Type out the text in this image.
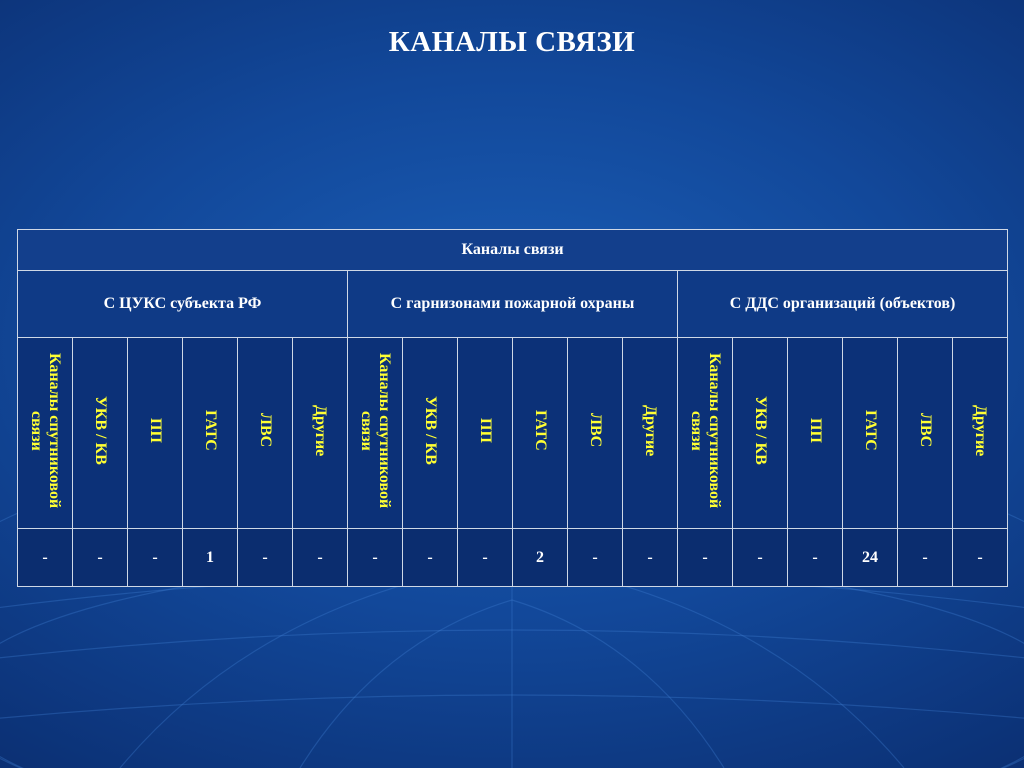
КАНАЛЫ СВЯЗИ
Каналы связи																	
С ЦУКС субъекта РФ						С гарнизонами пожарной охраны						С ДДС организаций (объектов)					
Каналы спутниковой связи	УКВ / КВ	ПП	ГАТС	ЛВС	Другие	Каналы спутниковой связи	УКВ / КВ	ПП	ГАТС	ЛВС	Другие	Каналы спутниковой связи	УКВ / КВ	ПП	ГАТС	ЛВС	Другие
-	-	-	1	-	-	-	-	-	2	-	-	-	-	-	24	-	-
